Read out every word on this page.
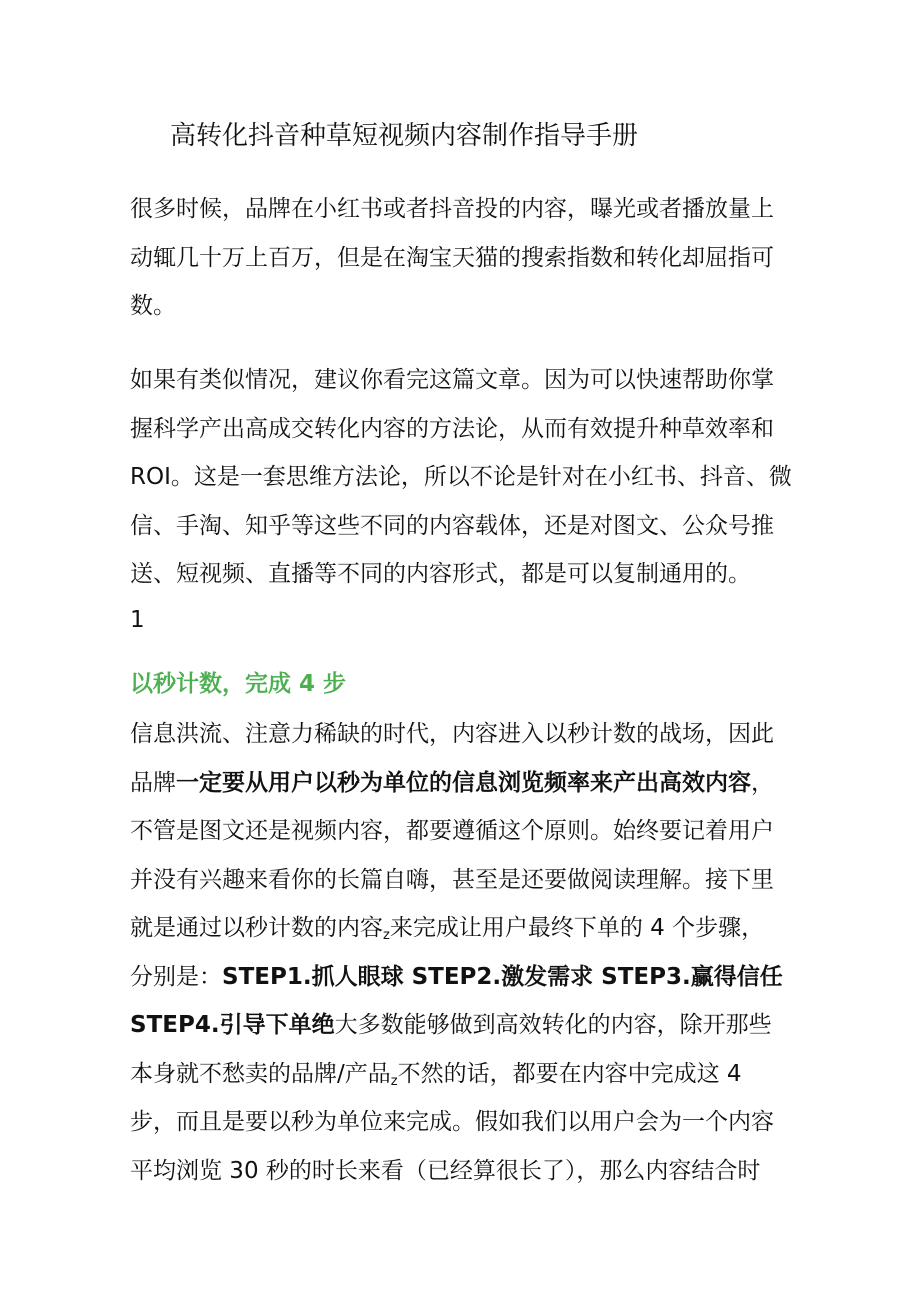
高转化抖音种草短视频内容制作指导手册
很多时候，品牌在小红书或者抖音投的内容，曝光或者播放量上
动辄几十万上百万，但是在淘宝天猫的搜索指数和转化却屈指可
数。
如果有类似情况，建议你看完这篇文章。因为可以快速帮助你掌
握科学产出高成交转化内容的方法论，从而有效提升种草效率和
ROI。这是一套思维方法论，所以不论是针对在小红书、抖音、微
信、手淘、知乎等这些不同的内容载体，还是对图文、公众号推
送、短视频、直播等不同的内容形式，都是可以复制通用的。
1
以秒计数，完成 4 步
信息洪流、注意力稀缺的时代，内容进入以秒计数的战场，因此
品牌一定要从用户以秒为单位的信息浏览频率来产出高效内容，
不管是图文还是视频内容，都要遵循这个原则。始终要记着用户
并没有兴趣来看你的长篇自嗨，甚至是还要做阅读理解。接下里
就是通过以秒计数的内容$_z$来完成让用户最终下单的 4 个步骤，
分别是：STEP1.抓人眼球 STEP2.激发需求 STEP3.赢得信任
STEP4.引导下单绝大多数能够做到高效转化的内容，除开那些
本身就不愁卖的品牌/产品$_z$不然的话，都要在内容中完成这 4
步，而且是要以秒为单位来完成。假如我们以用户会为一个内容
平均浏览 30 秒的时长来看（已经算很长了），那么内容结合时
